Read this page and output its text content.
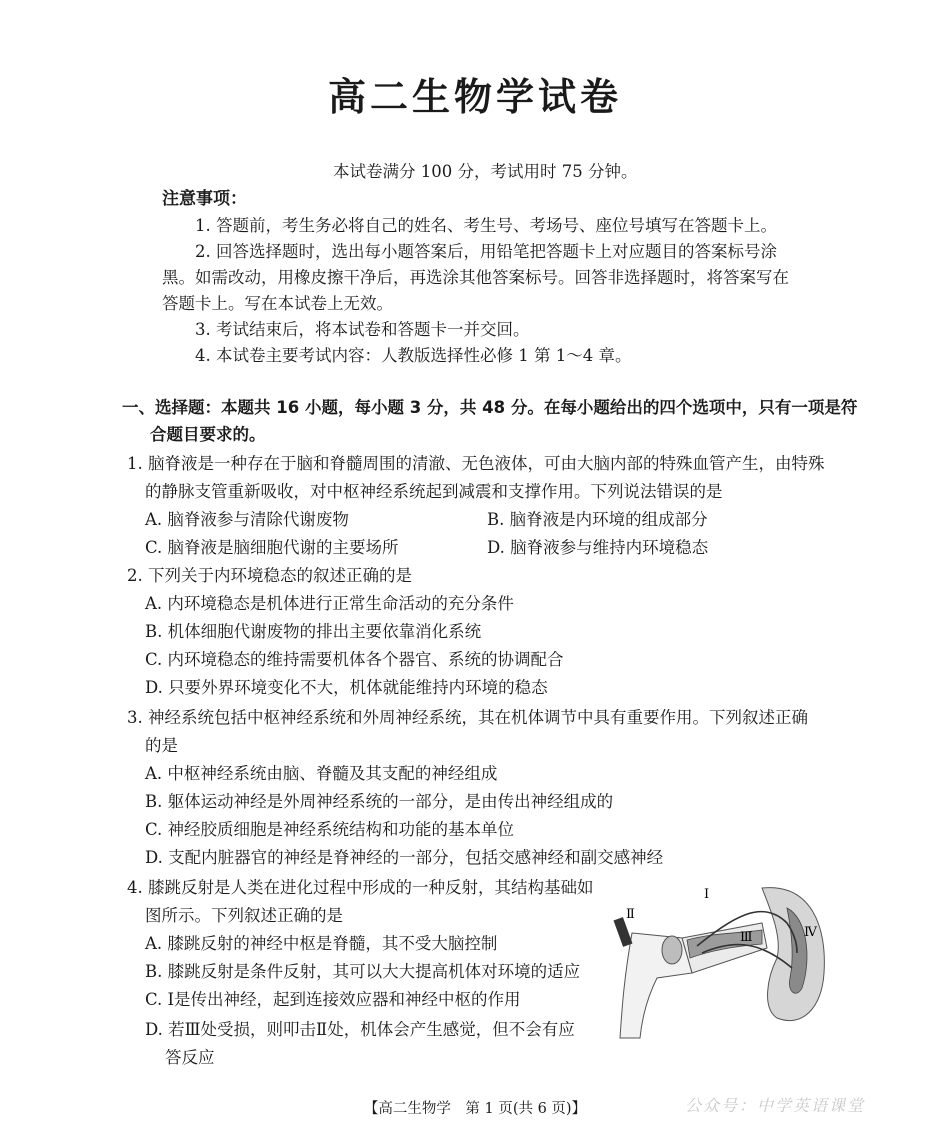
高二生物学试卷
本试卷满分 100 分，考试用时 75 分钟。
注意事项：
1. 答题前，考生务必将自己的姓名、考生号、考场号、座位号填写在答题卡上。
2. 回答选择题时，选出每小题答案后，用铅笔把答题卡上对应题目的答案标号涂
黑。如需改动，用橡皮擦干净后，再选涂其他答案标号。回答非选择题时，将答案写在
答题卡上。写在本试卷上无效。
3. 考试结束后，将本试卷和答题卡一并交回。
4. 本试卷主要考试内容：人教版选择性必修 1 第 1～4 章。
一、选择题：本题共 16 小题，每小题 3 分，共 48 分。在每小题给出的四个选项中，只有一项是符
合题目要求的。
1. 脑脊液是一种存在于脑和脊髓周围的清澈、无色液体，可由大脑内部的特殊血管产生，由特殊
的静脉支管重新吸收，对中枢神经系统起到减震和支撑作用。下列说法错误的是
A. 脑脊液参与清除代谢废物	B. 脑脊液是内环境的组成部分
C. 脑脊液是脑细胞代谢的主要场所	D. 脑脊液参与维持内环境稳态
2. 下列关于内环境稳态的叙述正确的是
A. 内环境稳态是机体进行正常生命活动的充分条件
B. 机体细胞代谢废物的排出主要依靠消化系统
C. 内环境稳态的维持需要机体各个器官、系统的协调配合
D. 只要外界环境变化不大，机体就能维持内环境的稳态
3. 神经系统包括中枢神经系统和外周神经系统，其在机体调节中具有重要作用。下列叙述正确
的是
A. 中枢神经系统由脑、脊髓及其支配的神经组成
B. 躯体运动神经是外周神经系统的一部分，是由传出神经组成的
C. 神经胶质细胞是神经系统结构和功能的基本单位
D. 支配内脏器官的神经是脊神经的一部分，包括交感神经和副交感神经
4. 膝跳反射是人类在进化过程中形成的一种反射，其结构基础如
图所示。下列叙述正确的是
A. 膝跳反射的神经中枢是脊髓，其不受大脑控制
B. 膝跳反射是条件反射，其可以大大提高机体对环境的适应
C. Ⅰ是传出神经，起到连接效应器和神经中枢的作用
D. 若Ⅲ处受损，则叩击Ⅱ处，机体会产生感觉，但不会有应
答反应
Ⅰ
Ⅱ
Ⅲ	Ⅳ
【高二生物学　第 1 页(共 6 页)】	公众号：中学英语课堂
